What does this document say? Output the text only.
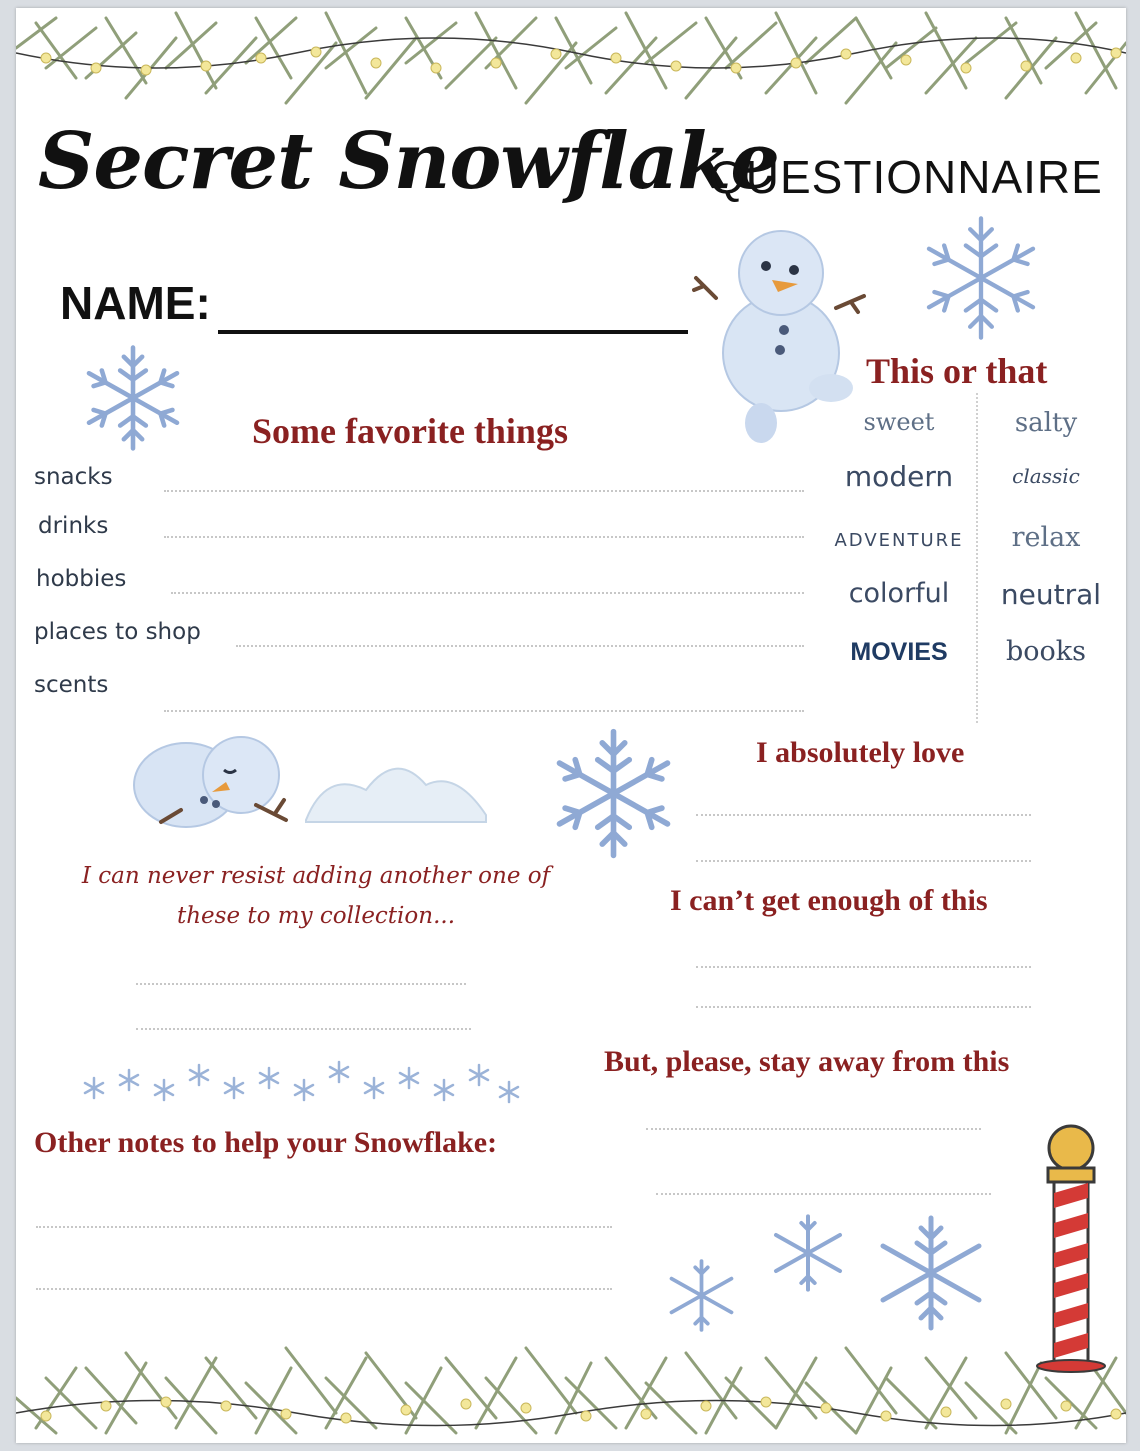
Secret Snowflake
QUESTIONNAIRE
NAME:
Some favorite things
snacks
drinks
hobbies
places to shop
scents
This or that
sweet	salty
modern	classic
ADVENTURE	relax
colorful	neutral
MOVIES	books
I can never resist adding another one of these to my collection...
I absolutely love
I can’t get enough of this
But, please, stay away from this
Other notes to help your Snowflake:
